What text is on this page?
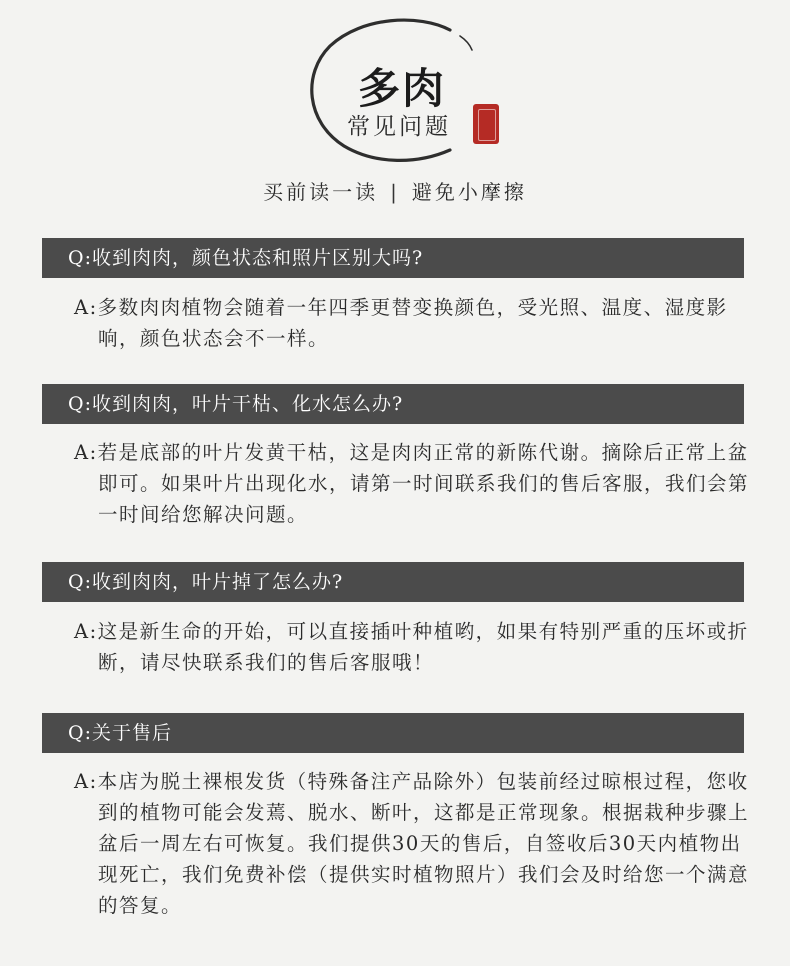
多肉
常见问题
买前读一读 | 避免小摩擦
Q:收到肉肉，颜色状态和照片区别大吗?
A:多数肉肉植物会随着一年四季更替变换颜色，受光照、温度、湿度影响，颜色状态会不一样。
Q:收到肉肉，叶片干枯、化水怎么办?
A:若是底部的叶片发黄干枯，这是肉肉正常的新陈代谢。摘除后正常上盆即可。如果叶片出现化水，请第一时间联系我们的售后客服，我们会第一时间给您解决问题。
Q:收到肉肉，叶片掉了怎么办?
A:这是新生命的开始，可以直接插叶种植哟，如果有特别严重的压坏或折断，请尽快联系我们的售后客服哦！
Q:关于售后
A:本店为脱土裸根发货（特殊备注产品除外）包装前经过晾根过程，您收到的植物可能会发蔫、脱水、断叶，这都是正常现象。根据栽种步骤上盆后一周左右可恢复。我们提供30天的售后，自签收后30天内植物出现死亡，我们免费补偿（提供实时植物照片）我们会及时给您一个满意的答复。
